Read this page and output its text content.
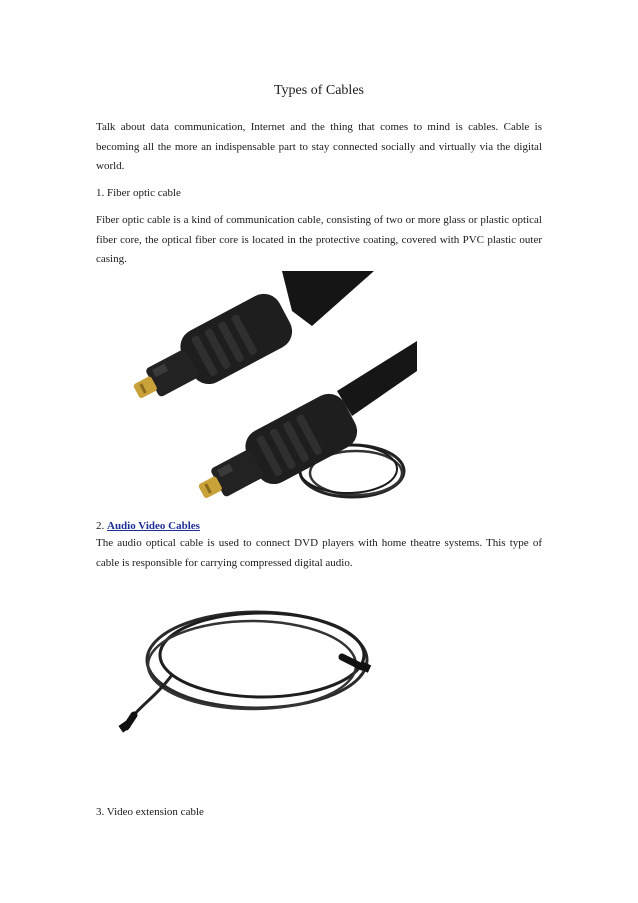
Types of Cables

Talk about data communication, Internet and the thing that comes to mind is cables. Cable is becoming all the more an indispensable part to stay connected socially and virtually via the digital world.

1. Fiber optic cable

Fiber optic cable is a kind of communication cable, consisting of two or more glass or plastic optical fiber core, the optical fiber core is located in the protective coating, covered with PVC plastic outer casing.

2. Audio Video Cables

The audio optical cable is used to connect DVD players with home theatre systems. This type of cable is responsible for carrying compressed digital audio.

3. Video extension cable
